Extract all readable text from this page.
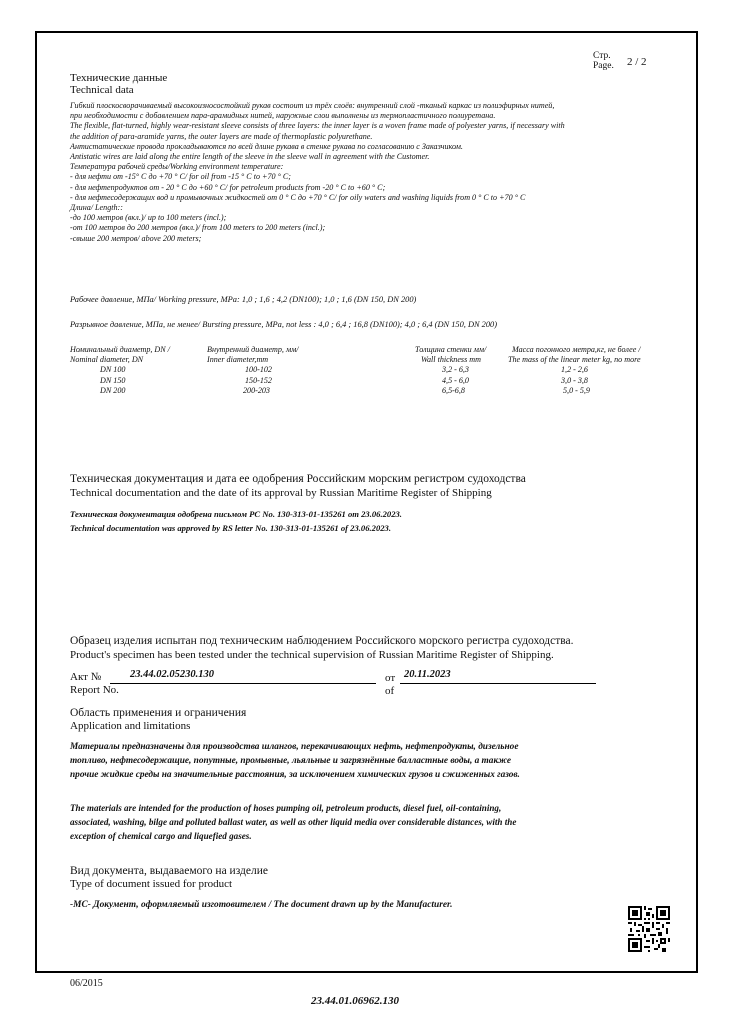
Стр.
Page. 2 / 2
Технические данные
Technical data
Гибкий плоскосворачиваемый высокоизносостойкий рукав состоит из трёх слоёв: внутренний слой -тканый каркас из полиэфирных нитей,
при необходимости с добавлением пара-арамидных нитей, наружные слои выполнены из термопластичного полиуретана.
The flexible, flat-turned, highly wear-resistant sleeve consists of three layers: the inner layer is a woven frame made of polyester yarns, if necessary with
the addition of para-aramide yarns, the outer layers are made of thermoplastic polyurethane.
Антистатические провода прокладываются по всей длине рукава в стенке рукава по согласованию с Заказчиком.
Antistatic wires are laid along the entire length of the sleeve in the sleeve wall in agreement with the Customer.
Температура рабочей среды/Working environment temperature:
- для нефти от -15° С до +70 ° С/ for oil from -15 ° C to +70 ° С;
- для нефтепродуктов от - 20 ° С до +60 ° С/ for petroleum products from -20 ° С to +60 ° С;
- для нефтесодержащих вод и промывочных жидкостей от 0 ° С до +70 ° С/ for oily waters and washing liquids from 0 ° С to +70 ° С
Длина/ Length::
-до 100 метров (вкл.)/ up to 100 meters (incl.);
-от 100 метров до 200 метров (вкл.)/ from 100 meters to 200 meters (incl.);
-свыше 200 метров/ above 200 meters;
Рабочее давление, МПа/ Working pressure, MPa: 1,0 ; 1,6 ; 4,2 (DN100); 1,0 ; 1,6 (DN 150, DN 200)
Разрывное давление, МПа, не менее/ Bursting pressure, MPa, not less : 4,0 ; 6,4 ; 16,8 (DN100); 4,0 ; 6,4 (DN 150, DN 200)
Номинальный диаметр, DN /
Nominal diameter, DN
DN 100
DN 150
DN 200
Внутренний диаметр, мм/
Inner diameter,mm
100-102
150-152
200-203
Толщина стенки мм/
Wall thickness mm
3,2 - 6,3
4,5 - 6,0
6,5-6,8
Масса погонного метра,кг, не более /
The mass of the linear meter kg, no more
1,2 - 2,6
3,0 - 3,8
5,0 - 5,9
Техническая документация и дата ее одобрения Российским морским регистром судоходства
Technical documentation and the date of its approval by Russian Maritime Register of Shipping
Техническая документация одобрена письмом РС No. 130-313-01-135261 от 23.06.2023.
Technical documentation was approved by RS letter No. 130-313-01-135261 of 23.06.2023.
Образец изделия испытан под техническим наблюдением Российского морского регистра судоходства.
Product's specimen has been tested under the technical supervision of Russian Maritime Register of Shipping.
Акт №
Report No.
23.44.02.05230.130	от
of
20.11.2023
Область применения и ограничения
Application and limitations
Материалы предназначены для производства шлангов, перекачивающих нефть, нефтепродукты, дизельное
топливо, нефтесодержащие, попутные, промывные, льяльные и загрязнённые балластные воды, а также
прочие жидкие среды на значительные расстояния, за исключением химических грузов и сжиженных газов.
The materials are intended for the production of hoses pumping oil, petroleum products, diesel fuel, oil-containing,
associated, washing, bilge and polluted ballast water, as well as other liquid media over considerable distances, with the
exception of chemical cargo and liquefied gases.
Вид документа, выдаваемого на изделие
Type of document issued for product
-МС- Документ, оформляемый изготовителем / The document drawn up by the Manufacturer.
06/2015
23.44.01.06962.130
